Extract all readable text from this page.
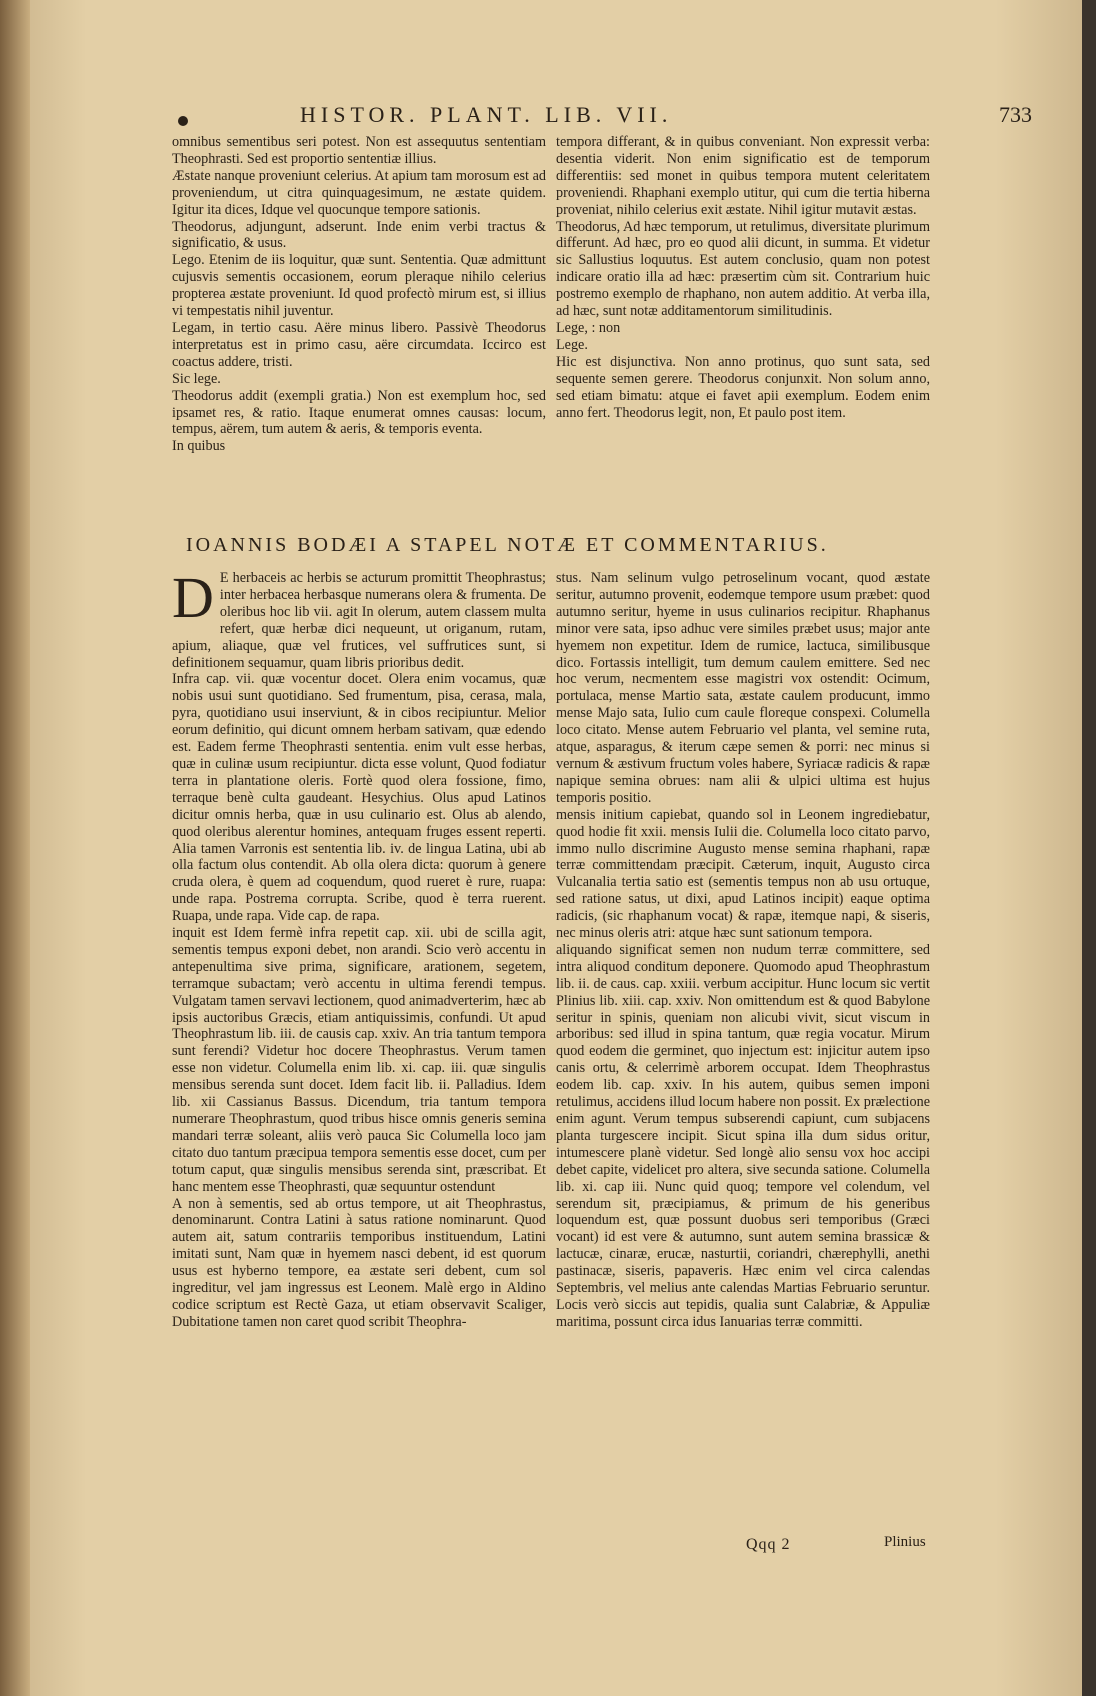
HISTOR. PLANT. LIB. VII.	733

omnibus sementibus seri potest. Non est assequutus sententiam Theophrasti. Sed est proportio sententiæ illius.

Æstate nanque proveniunt celerius. At apium tam morosum est ad proveniendum, ut citra quinquagesimum, ne æstate quidem. Igitur ita dices, Idque vel quocunque tempore sationis.

Theodorus, adjungunt, adserunt. Inde enim verbi tractus & significatio, & usus.

Lego. Etenim de iis loquitur, quæ sunt. Sententia. Quæ admittunt cujusvis sementis occasionem, eorum pleraque nihilo celerius propterea æstate proveniunt. Id quod profectò mirum est, si illius vi tempestatis nihil juventur.

Legam, in tertio casu. Aëre minus libero. Passivè Theodorus interpretatus est in primo casu, aëre circumdata. Iccirco est coactus addere, tristi.

Sic lege.

Theodorus addit (exempli gratia.) Non est exemplum hoc, sed ipsamet res, & ratio. Itaque enumerat omnes causas: locum, tempus, aërem, tum autem & aeris, & temporis eventa.

In quibus

tempora differant, & in quibus conveniant. Non expressit verba: desentia viderit. Non enim significatio est de temporum differentiis: sed monet in quibus tempora mutent celeritatem proveniendi. Rhaphani exemplo utitur, qui cum die tertia hiberna proveniat, nihilo celerius exit æstate. Nihil igitur mutavit æstas.

Theodorus, Ad hæc temporum, ut retulimus, diversitate plurimum differunt. Ad hæc, pro eo quod alii dicunt, in summa. Et videtur sic Sallustius loquutus. Est autem conclusio, quam non potest indicare oratio illa ad hæc: præsertim cùm sit. Contrarium huic postremo exemplo de rhaphano, non autem additio. At verba illa, ad hæc, sunt notæ additamentorum similitudinis.

Lege, : non

Lege.

Hic est disjunctiva. Non anno protinus, quo sunt sata, sed sequente semen gerere. Theodorus conjunxit. Non solum anno, sed etiam bimatu: atque ei favet apii exemplum. Eodem enim anno fert. Theodorus legit, non, Et paulo post item.

IOANNIS BODÆI A STAPEL NOTÆ ET COMMENTARIUS.

D E herbaceis ac herbis se acturum promittit Theophrastus; inter herbacea herbasque numerans olera & frumenta. De oleribus hoc lib vii. agit In olerum, autem classem multa refert, quæ herbæ dici nequeunt, ut origanum, rutam, apium, aliaque, quæ vel frutices, vel suffrutices sunt, si definitionem sequamur, quam libris prioribus dedit.

Infra cap. vii. quæ vocentur docet. Olera enim vocamus, quæ nobis usui sunt quotidiano. Sed frumentum, pisa, cerasa, mala, pyra, quotidiano usui inserviunt, & in cibos recipiuntur. Melior eorum definitio, qui dicunt omnem herbam sativam, quæ edendo est. Eadem ferme Theophrasti sententia. enim vult esse herbas, quæ in culinæ usum recipiuntur. dicta esse volunt, Quod fodiatur terra in plantatione oleris. Fortè quod olera fossione, fimo, terraque benè culta gaudeant. Hesychius. Olus apud Latinos dicitur omnis herba, quæ in usu culinario est. Olus ab alendo, quod oleribus alerentur homines, antequam fruges essent reperti. Alia tamen Varronis est sententia lib. iv. de lingua Latina, ubi ab olla factum olus contendit. Ab olla olera dicta: quorum à genere cruda olera, è quem ad coquendum, quod rueret è rure, ruapa: unde rapa. Postrema corrupta. Scribe, quod è terra ruerent. Ruapa, unde rapa. Vide cap. de rapa.

inquit est Idem fermè infra repetit cap. xii. ubi de scilla agit, sementis tempus exponi debet, non arandi. Scio verò accentu in antepenultima sive prima, significare, arationem, segetem, terramque subactam; verò accentu in ultima ferendi tempus. Vulgatam tamen servavi lectionem, quod animadverterim, hæc ab ipsis auctoribus Græcis, etiam antiquissimis, confundi. Ut apud Theophrastum lib. iii. de causis cap. xxiv. An tria tantum tempora sunt ferendi? Videtur hoc docere Theophrastus. Verum tamen esse non videtur. Columella enim lib. xi. cap. iii. quæ singulis mensibus serenda sunt docet. Idem facit lib. ii. Palladius. Idem lib. xii Cassianus Bassus. Dicendum, tria tantum tempora numerare Theophrastum, quod tribus hisce omnis generis semina mandari terræ soleant, aliis verò pauca Sic Columella loco jam citato duo tantum præcipua tempora sementis esse docet, cum per totum caput, quæ singulis mensibus serenda sint, præscribat. Et hanc mentem esse Theophrasti, quæ sequuntur ostendunt

A non à sementis, sed ab ortus tempore, ut ait Theophrastus, denominarunt. Contra Latini à satus ratione nominarunt. Quod autem ait, satum contrariis temporibus instituendum, Latini imitati sunt, Nam quæ in hyemem nasci debent, id est quorum usus est hyberno tempore, ea æstate seri debent, cum sol ingreditur, vel jam ingressus est Leonem. Malè ergo in Aldino codice scriptum est Rectè Gaza, ut etiam observavit Scaliger, Dubitatione tamen non caret quod scribit Theophra-

stus. Nam selinum vulgo petroselinum vocant, quod æstate seritur, autumno provenit, eodemque tempore usum præbet: quod autumno seritur, hyeme in usus culinarios recipitur. Rhaphanus minor vere sata, ipso adhuc vere similes præbet usus; major ante hyemem non expetitur. Idem de rumice, lactuca, similibusque dico. Fortassis intelligit, tum demum caulem emittere. Sed nec hoc verum, necmentem esse magistri vox ostendit: Ocimum, portulaca, mense Martio sata, æstate caulem producunt, immo mense Majo sata, Iulio cum caule floreque conspexi. Columella loco citato. Mense autem Februario vel planta, vel semine ruta, atque, asparagus, & iterum cæpe semen & porri: nec minus si vernum & æstivum fructum voles habere, Syriacæ radicis & rapæ napique semina obrues: nam alii & ulpici ultima est hujus temporis positio.

mensis initium capiebat, quando sol in Leonem ingrediebatur, quod hodie fit xxii. mensis Iulii die. Columella loco citato parvo, immo nullo discrimine Augusto mense semina rhaphani, rapæ terræ committendam præcipit. Cæterum, inquit, Augusto circa Vulcanalia tertia satio est (sementis tempus non ab usu ortuque, sed ratione satus, ut dixi, apud Latinos incipit) eaque optima radicis, (sic rhaphanum vocat) & rapæ, itemque napi, & siseris, nec minus oleris atri: atque hæc sunt sationum tempora.

aliquando significat semen non nudum terræ committere, sed intra aliquod conditum deponere. Quomodo apud Theophrastum lib. ii. de caus. cap. xxiii. verbum accipitur. Hunc locum sic vertit Plinius lib. xiii. cap. xxiv. Non omittendum est & quod Babylone seritur in spinis, queniam non alicubi vivit, sicut viscum in arboribus: sed illud in spina tantum, quæ regia vocatur. Mirum quod eodem die germinet, quo injectum est: injicitur autem ipso canis ortu, & celerrimè arborem occupat. Idem Theophrastus eodem lib. cap. xxiv. In his autem, quibus semen imponi retulimus, accidens illud locum habere non possit. Ex prælectione enim agunt. Verum tempus subserendi capiunt, cum subjacens planta turgescere incipit. Sicut spina illa dum sidus oritur, intumescere planè videtur. Sed longè alio sensu vox hoc accipi debet capite, videlicet pro altera, sive secunda satione. Columella lib. xi. cap iii. Nunc quid quoq; tempore vel colendum, vel serendum sit, præcipiamus, & primum de his generibus loquendum est, quæ possunt duobus seri temporibus (Græci vocant) id est vere & autumno, sunt autem semina brassicæ & lactucæ, cinaræ, erucæ, nasturtii, coriandri, chærephylli, anethi pastinacæ, siseris, papaveris. Hæc enim vel circa calendas Septembris, vel melius ante calendas Martias Februario seruntur. Locis verò siccis aut tepidis, qualia sunt Calabriæ, & Appuliæ maritima, possunt circa idus Ianuarias terræ committi.

Qqq 2	Plinius
